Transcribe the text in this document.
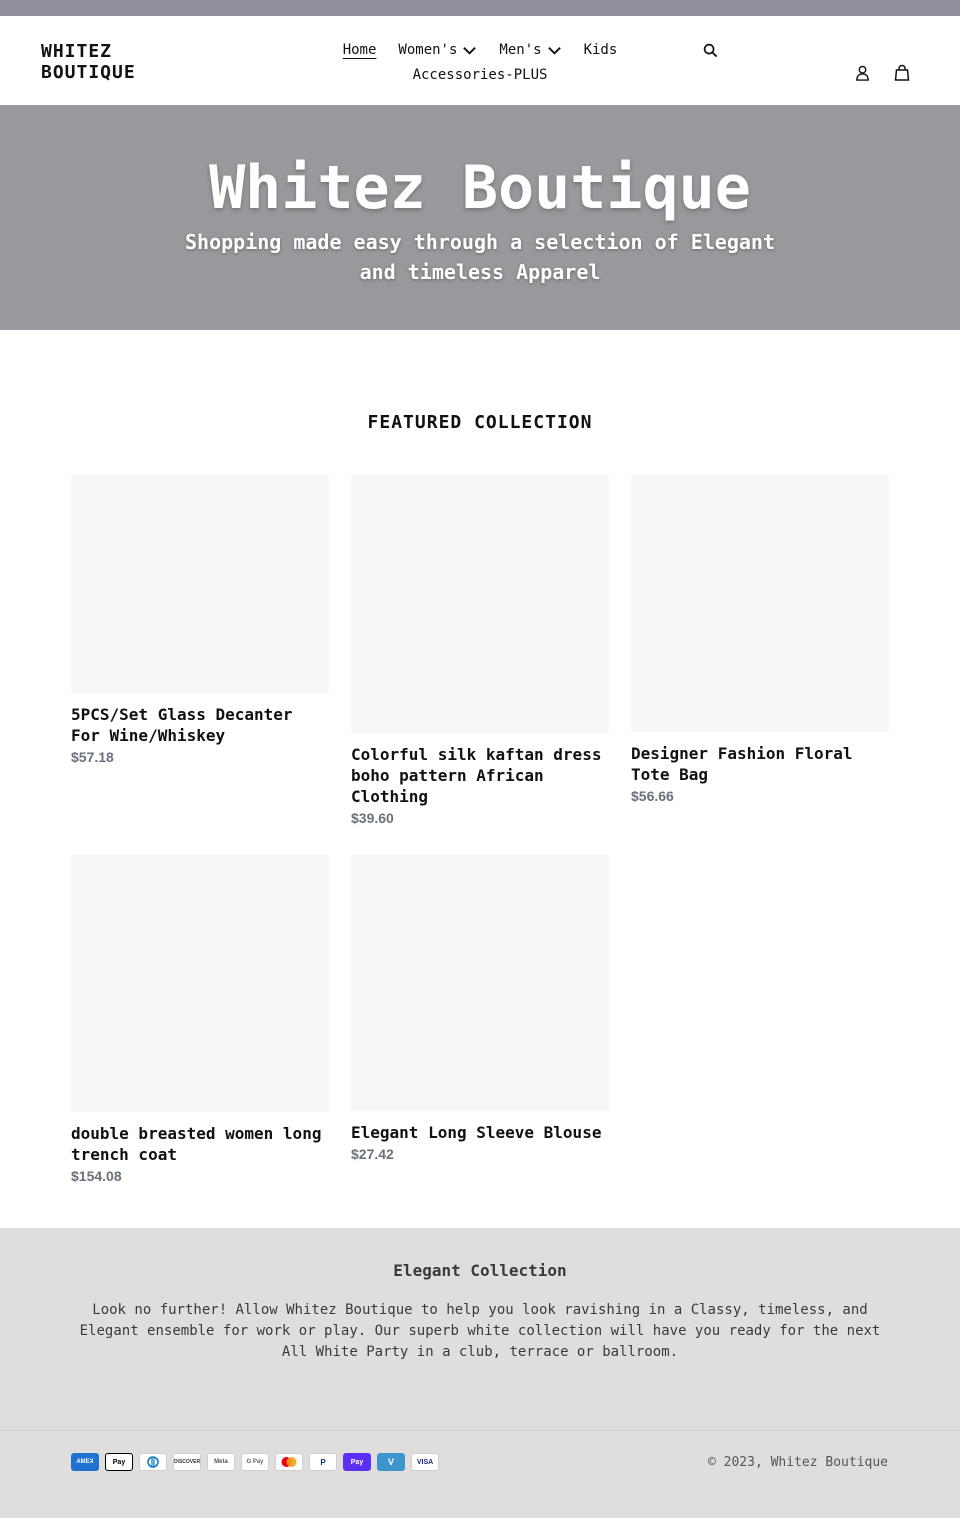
WHITEZ
BOUTIQUE
Home Women's	Men's	Kids
Accessories-PLUS
Whitez Boutique

Shopping made easy through a selection of Elegant and timeless Apparel

FEATURED COLLECTION
5PCS/Set Glass Decanter For Wine/Whiskey
$57.18	Colorful silk kaftan dress boho pattern African Clothing
$39.60
Designer Fashion Floral Tote Bag
$56.66
double breasted women long trench coat
$154.08
Elegant Long Sleeve Blouse
$27.42
Elegant Collection

Look no further! Allow Whitez Boutique to help you look ravishing in a Classy, timeless, and Elegant ensemble for work or play. Our superb white collection will have you ready for the next All White Party in a club, terrace or ballroom.

AMEX	Pay	DISCOVER	Meta	G Pay	P	Pay	V	VISA	© 2023, Whitez Boutique
